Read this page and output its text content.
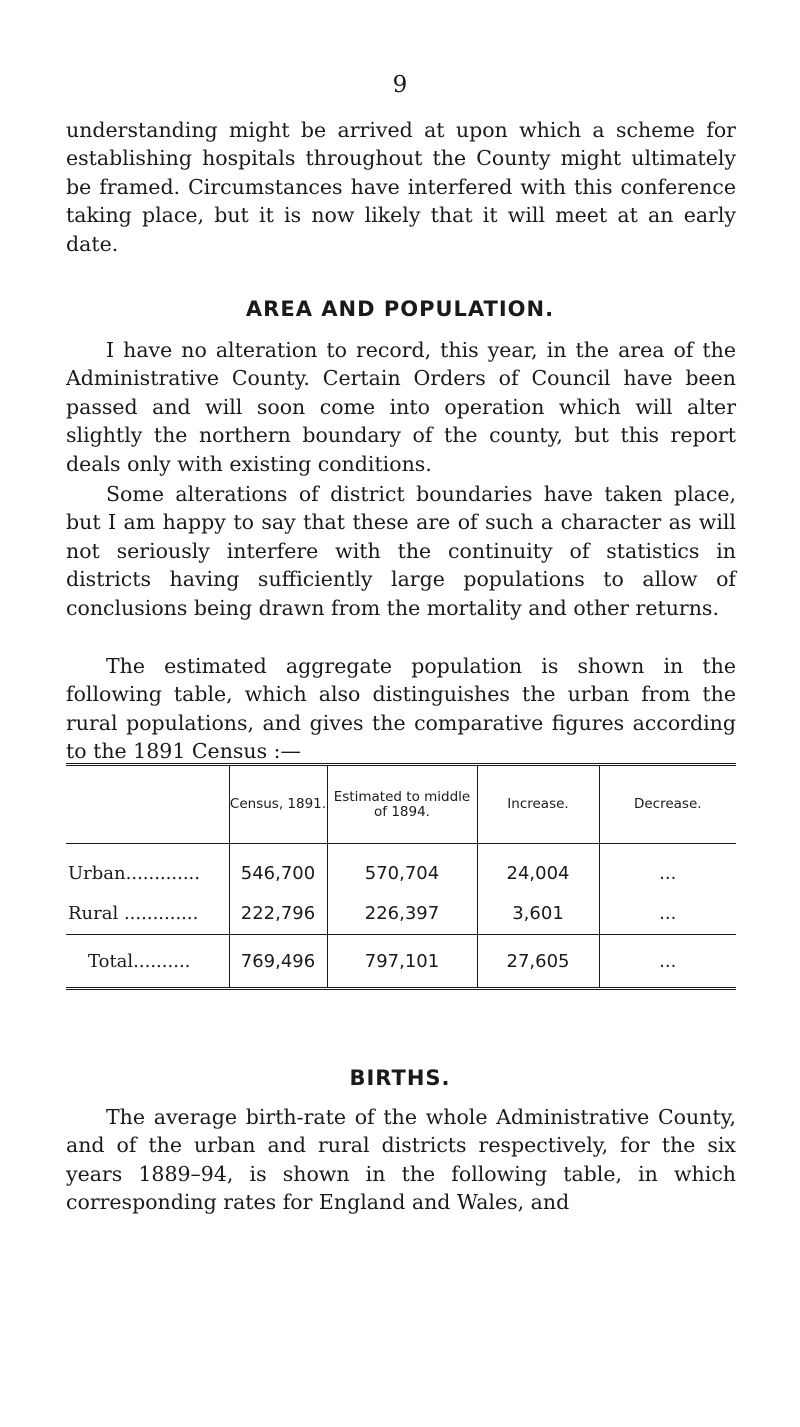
9

understanding might be arrived at upon which a scheme for establishing hospitals throughout the County might ultimately be framed. Circumstances have interfered with this conference taking place, but it is now likely that it will meet at an early date.

AREA AND POPULATION.

I have no alteration to record, this year, in the area of the Administrative County. Certain Orders of Council have been passed and will soon come into operation which will alter slightly the northern boundary of the county, but this report deals only with existing conditions.

Some alterations of district boundaries have taken place, but I am happy to say that these are of such a character as will not seriously interfere with the continuity of statistics in districts having sufficiently large populations to allow of conclusions being drawn from the mortality and other returns.

The estimated aggregate population is shown in the following table, which also distinguishes the urban from the rural populations, and gives the comparative figures according to the 1891 Census :—

	Census, 1891.	Estimated to middle of 1894.	Increase.	Decrease.
Urban.............	546,700	570,704	24,004	...
Rural .............	222,796	226,397	3,601	...
Total..........	769,496	797,101	27,605	...
BIRTHS.

The average birth-rate of the whole Administrative County, and of the urban and rural districts respectively, for the six years 1889–94, is shown in the following table, in which corresponding rates for England and Wales, and
